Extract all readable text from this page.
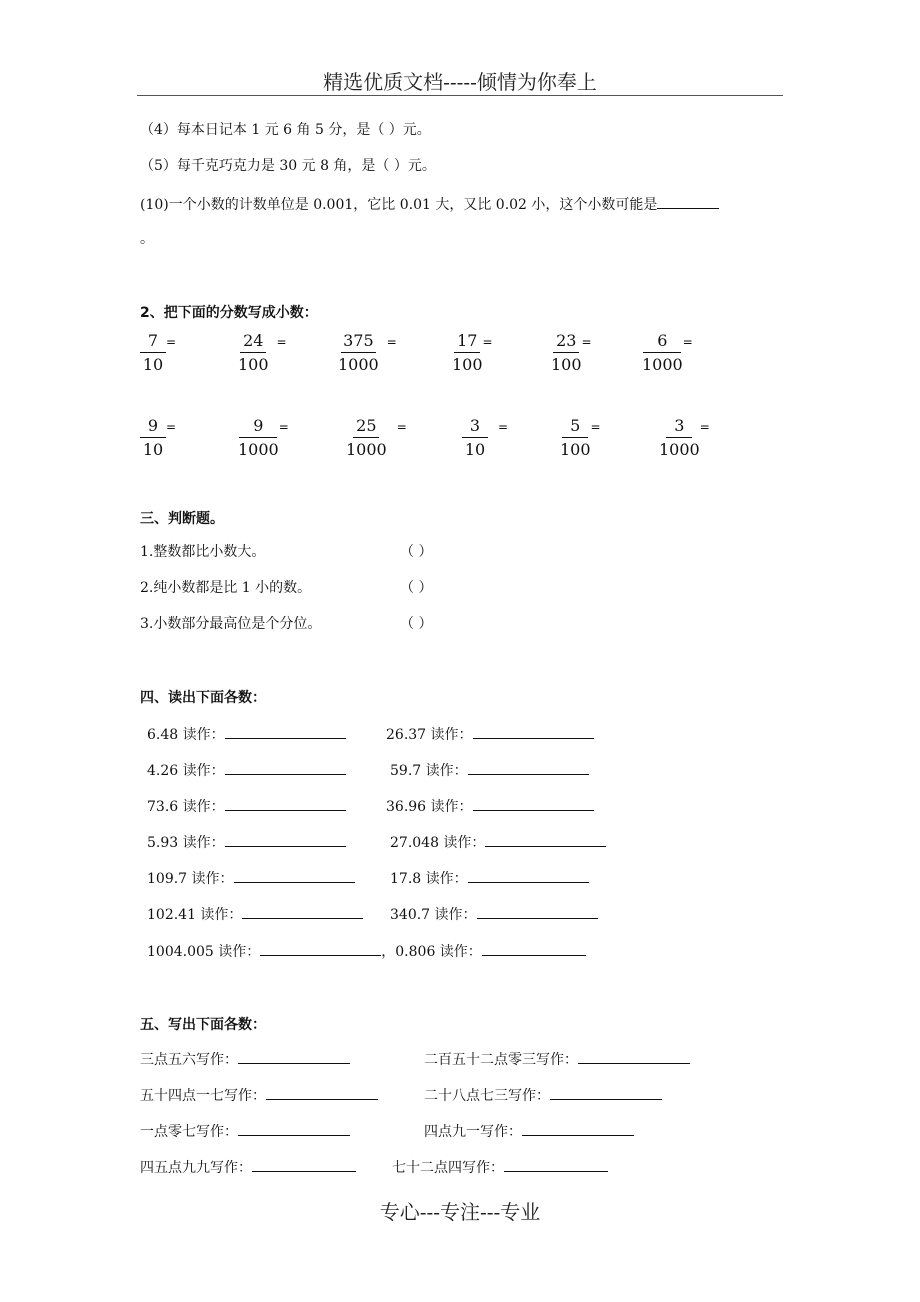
精选优质文档-----倾情为你奉上
（4）每本日记本 1 元 6 角 5 分，是（ ）元。
（5）每千克巧克力是 30 元 8 角，是（ ）元。
(10)一个小数的计数单位是 0.001，它比 0.01 大，又比 0.02 小，这个小数可能是
。
2、把下面的分数写成小数：
$\frac{7}{10}$ =	$\frac{24}{100}$ =	$\frac{375}{1000}$ =	$\frac{17}{100}$ =	$\frac{23}{100}$ =	$\frac{6}{1000}$ =
$\frac{9}{10}$ =	$\frac{9}{1000}$ =	$\frac{25}{1000}$ =	$\frac{3}{10}$ =	$\frac{5}{100}$ =	$\frac{3}{1000}$ =
三、判断题。
1.整数都比小数大。	（ ）
2.纯小数都是比 1 小的数。	（ ）
3.小数部分最高位是个分位。	（ ）
四、读出下面各数：
6.48 读作：	26.37 读作：
4.26 读作：	59.7 读作：
73.6 读作：	36.96 读作：
5.93 读作：	27.048 读作：
109.7 读作：	17.8 读作：
102.41 读作：	340.7 读作：
1004.005 读作：	，0.806 读作：
五、写出下面各数：
三点五六写作：	二百五十二点零三写作：
五十四点一七写作：	二十八点七三写作：
一点零七写作：	四点九一写作：
四五点九九写作：	七十二点四写作：
专心---专注---专业
